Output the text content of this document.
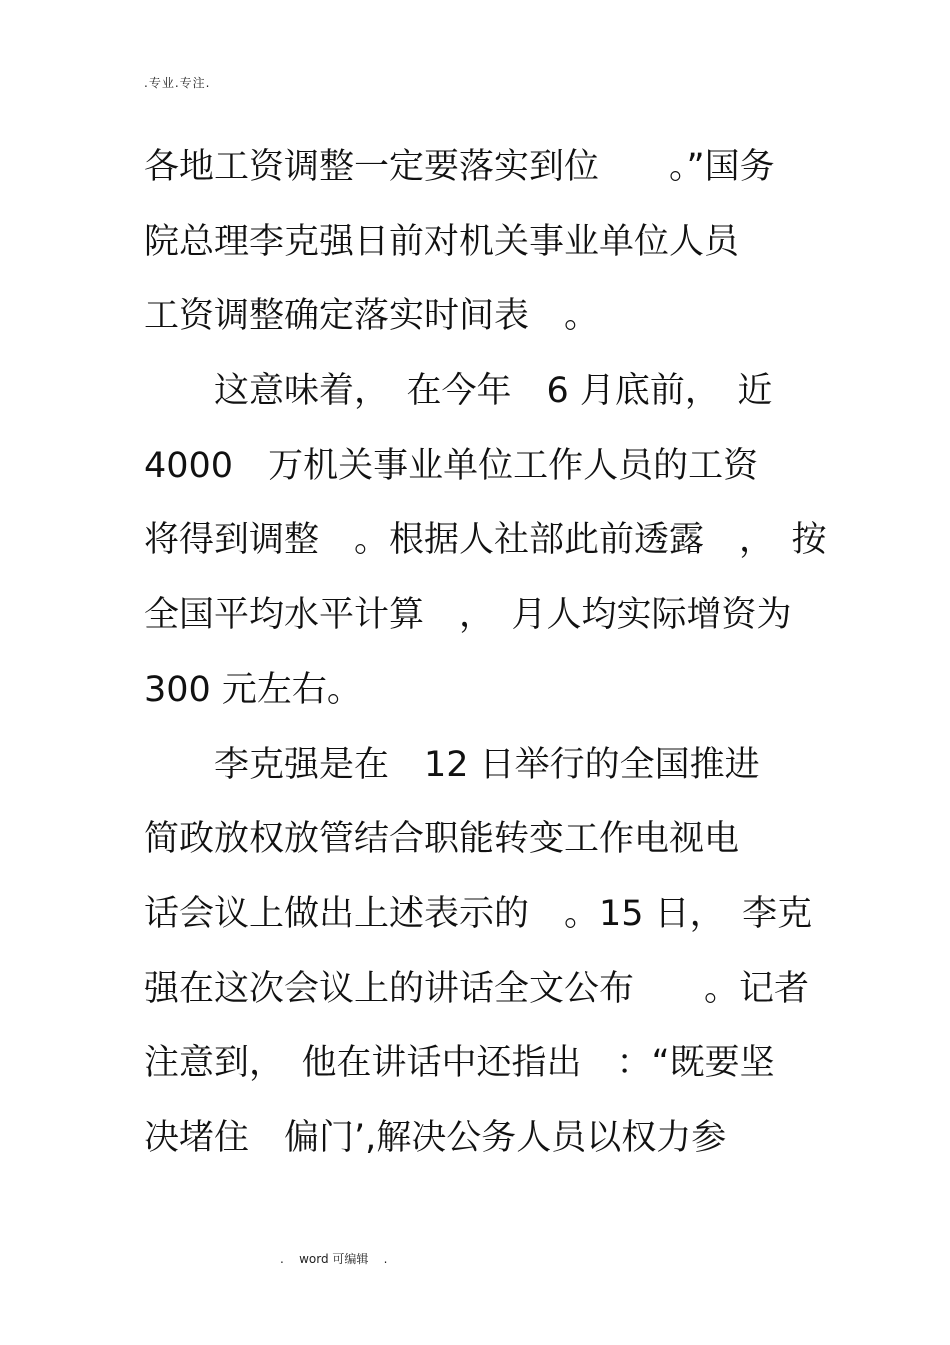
.专业.专注.
各地工资调整一定要落实到位　　。”国务
院总理李克强日前对机关事业单位人员
工资调整确定落实时间表　。
　　这意味着，　在今年　6 月底前，　近
4000　万机关事业单位工作人员的工资
将得到调整　。根据人社部此前透露　，　按
全国平均水平计算　，　月人均实际增资为
300 元左右。
　　李克强是在　12 日举行的全国推进
简政放权放管结合职能转变工作电视电
话会议上做出上述表示的　。15 日，　李克
强在这次会议上的讲话全文公布　　。记者
注意到，　他在讲话中还指出　：“既要坚
决堵住　偏门’,解决公务人员以权力参
.    word 可编辑    .
